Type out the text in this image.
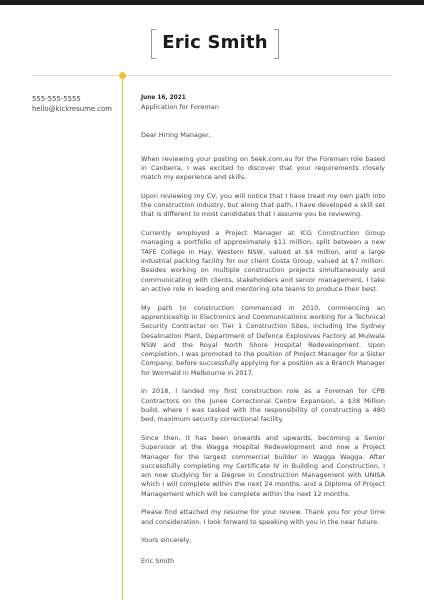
Eric Smith
555-555-5555
hello@kickresume.com
June 16, 2021
Application for Foreman
Dear Hiring Manager,

When reviewing your posting on Seek.com.au for the Foreman role based in Canberra, I was excited to discover that your requirements closely match my experience and skills.

Upon reviewing my CV, you will notice that I have tread my own path into the construction industry, but along that path, I have developed a skill set that is different to most candidates that I assume you be reviewing.

Currently employed a Project Manager at ICG Construction Group managing a portfolio of approximately $11 million, split between a new TAFE College in Hay, Western NSW, valued at $4 million, and a large industrial packing facility for our client Costa Group, valued at $7 million. Besides working on multiple construction projects simultaneously and communicating with clients, stakeholders and senior management, I take an active role in leading and mentoring site teams to produce their best.

My path to construction commenced in 2010, commencing an apprenticeship in Electronics and Communications working for a Technical Security Contractor on Tier 1 Construction Sites, including the Sydney Desalination Plant, Department of Defence Explosives Factory at Mulwala NSW and the Royal North Shore Hospital Redevelopment. Upon completion, I was promoted to the position of Project Manager for a Sister Company, before successfully applying for a position as a Branch Manager for Wormald in Melbourne in 2017.

In 2018, I landed my first construction role as a Foreman for CPB Contractors on the Junee Correctional Centre Expansion, a $38 Million build, where I was tasked with the responsibility of constructing a 480 bed, maximum security correctional facility.

Since then, it has been onwards and upwards, becoming a Senior Supervisor at the Wagga Hospital Redevelopment and now a Project Manager for the largest commercial builder in Wagga Wagga. After successfully completing my Certificate IV in Building and Construction, I am now studying for a Degree in Construction Management with UNISA which I will complete within the next 24 months, and a Diploma of Project Management which will be complete within the next 12 months.

Please find attached my resume for your review. Thank you for your time and consideration. I look forward to speaking with you in the near future.

Yours sincerely,
Eric Smith
